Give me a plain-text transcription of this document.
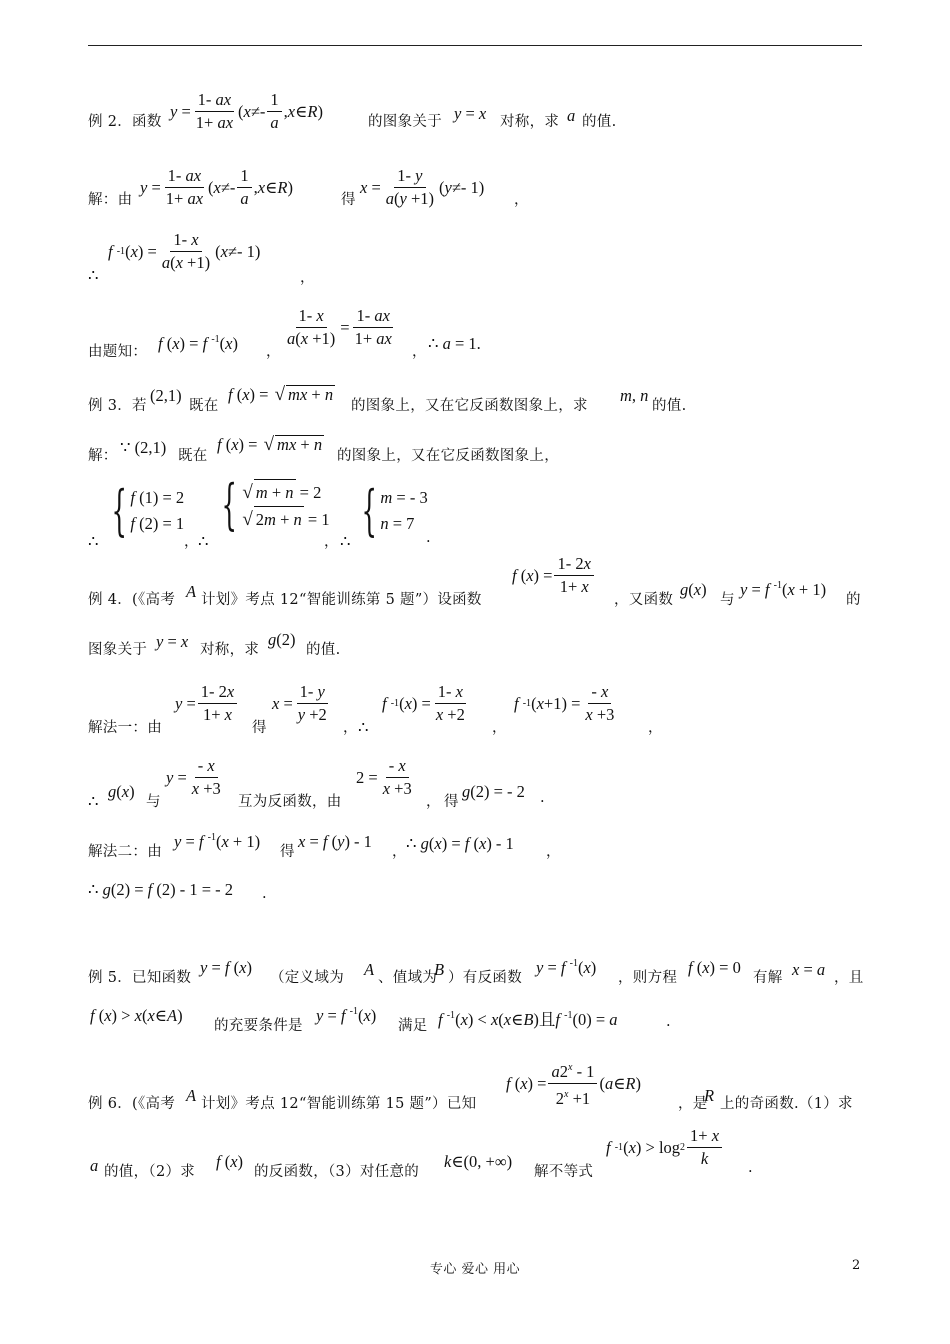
例 2．函数
$y = \frac{1- ax}{1+ ax}$ ( $x \ne- \frac{1}{a}$ , x ∈ R )
的图象关于 y = x 对称，求 a 的值.
解：由
$y = \frac{1- ax}{1+ ax}$ ( $x \ne- \frac{1}{a}$ , x ∈ R )
得
$x = \frac{1- y}{a(y +1)}$ ( y ≠- 1)
，
∴
f
-1 ( x ) = $\frac{1- x}{a(x +1)}$ ( x ≠- 1)
，
由题知： f (x) = f $^{-1}$(x) ，
$\frac{1- x}{a(x +1)} = \frac{1- ax}{1+ ax}$
， ∴ a = 1.
例 3．若
(2,1)
既在
f (x) = √ mx + n
的图象上，又在它反函数图象上，求
m, n
的值.
解： ∵ (2,1) 既在
f (x) = √ mx + n
的图象上，又在它反函数图象上，
∴ { f (1) = 2
f (2) = 1
， ∴
{ √ m + n = 2
√ 2m + n = 1
， ∴ { m = - 3
n = 7
.
例 4．(《高考 A 计划》考点 12“智能训练第 5 题”）设函数
f ( x ) = $\frac{1- 2x}{1+ x}$
，又函数
g(x)
与
y = f $^{-1}$(x + 1)
的
图象关于 y = x 对称，求
g(2)
的值.
解法一：由
$y = \frac{1- 2x}{1+ x}$
得
$x = \frac{1- y}{y +2}$
， ∴
f
-1 ( x ) = $\frac{1- x}{x +2}$
，
f
-1 ( $x +1) = \frac{- x}{x +3}$
，
∴
g(x)
与
$y = \frac{- x}{x +3}$
互为反函数，由
$2 = \frac{- x}{x +3}$
， 得
g(2) = - 2 .
解法二：由
y = f $^{-1}$(x + 1)
得
x = f (y) - 1
， ∴ g(x) = f (x) - 1 ，
∴ g(2) = f (2) - 1 = - 2 .
例 5．已知函数
y = f (x)
（定义域为 A 、值域为
B ）有反函数
y = f $^{-1}$(x)
，则方程
f (x) = 0
有解 x = a ，且
f (x) > x(x∈A)
的充要条件是
y = f $^{-1}$(x)
满足 f $^{-1}$(x) < x(x∈B)且f $^{-1}$(0) = a	.
例 6．(《高考 A 计划》考点 12“智能训练第 15 题”）已知
f ( x ) = $\frac{a2^x - 1}{2^x +1}$ ( a ∈ R )
，是
R 上的奇函数.（1）求
a 的值，（2）求
f (x)
的反函数，（3）对任意的
k∈(0, +∞)
解不等式
f
-1 ( x ) > $\log 2 \frac{1+ x}{k}$ .
专心 爱心 用心	2
